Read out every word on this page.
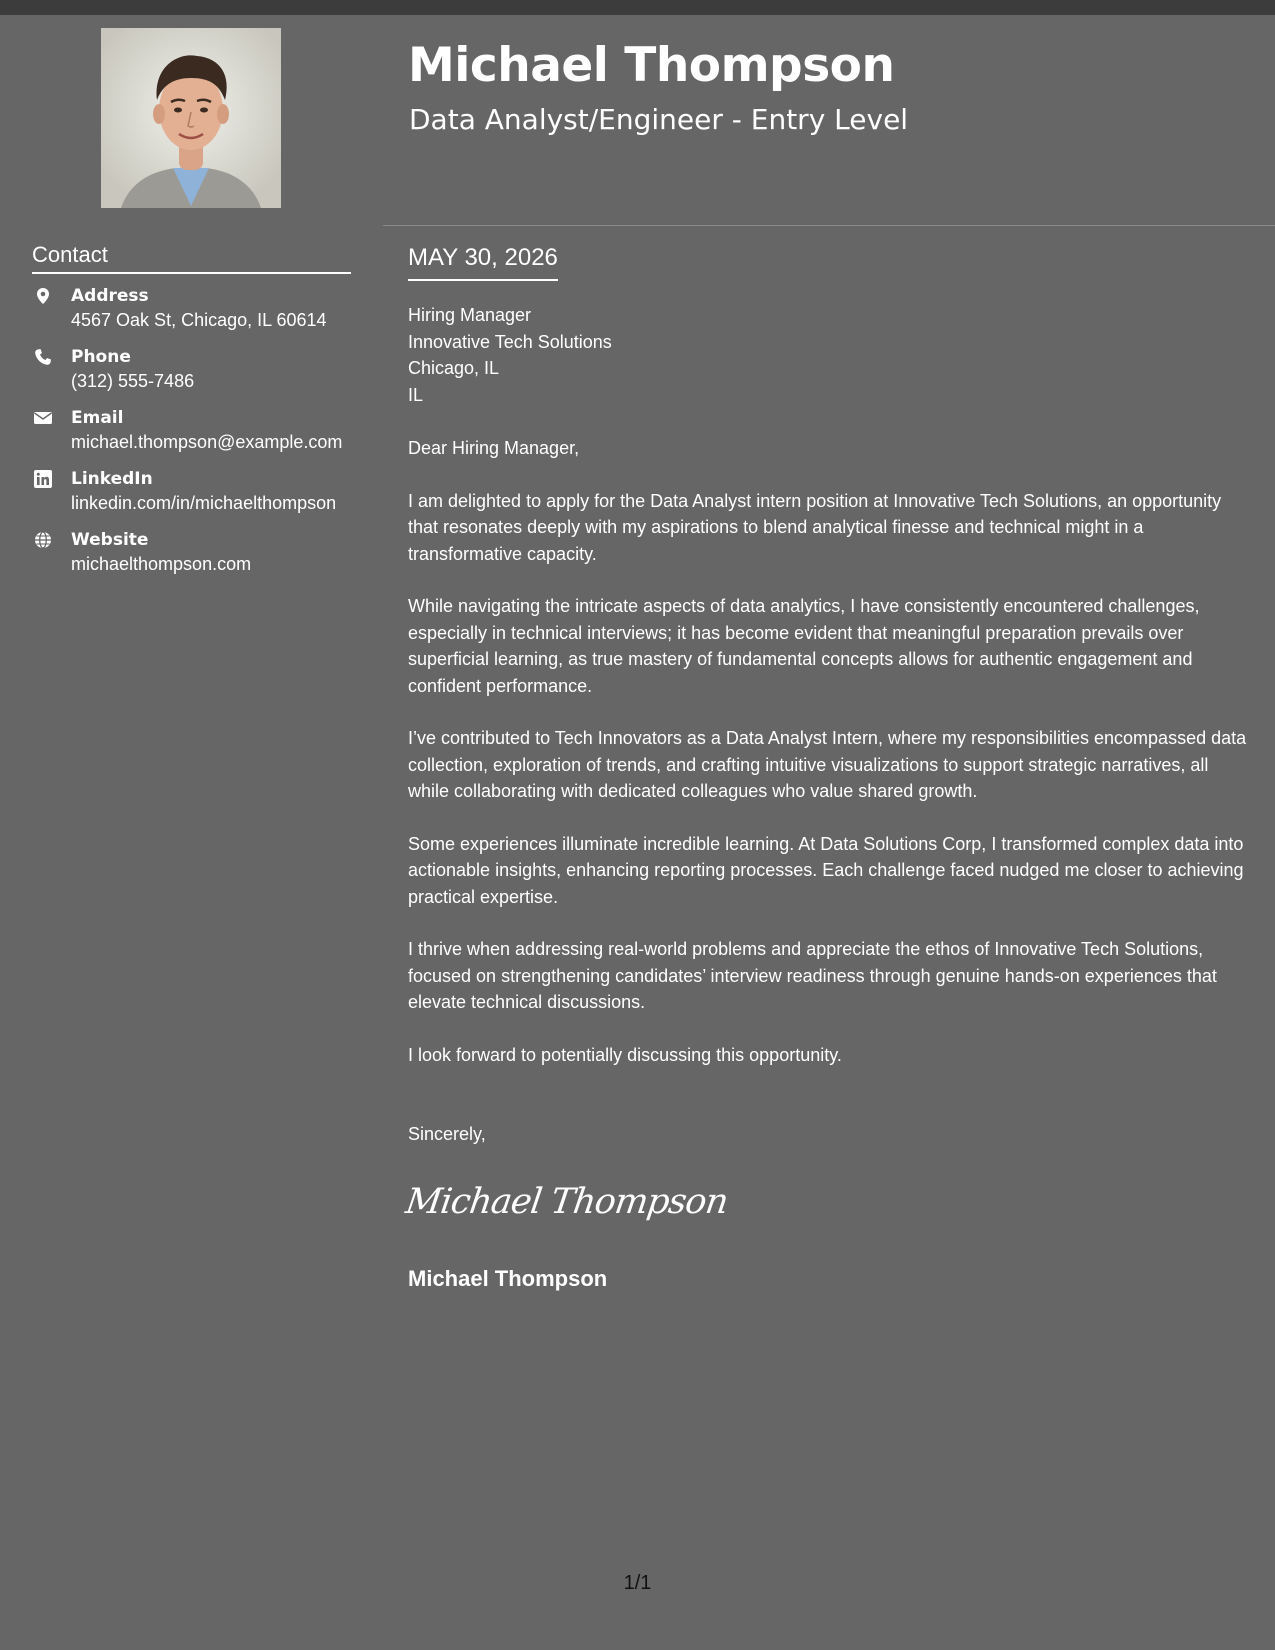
Michael Thompson
Data Analyst/Engineer - Entry Level
Contact
Address
4567 Oak St, Chicago, IL 60614
Phone
(312) 555-7486
Email
michael.thompson@example.com
LinkedIn
linkedin.com/in/michaelthompson
Website
michaelthompson.com
MAY 30, 2026
Hiring Manager
Innovative Tech Solutions
Chicago, IL
IL

Dear Hiring Manager,

I am delighted to apply for the Data Analyst intern position at Innovative Tech Solutions, an opportunity that resonates deeply with my aspirations to blend analytical finesse and technical might in a transformative capacity.

While navigating the intricate aspects of data analytics, I have consistently encountered challenges, especially in technical interviews; it has become evident that meaningful preparation prevails over superficial learning, as true mastery of fundamental concepts allows for authentic engagement and confident performance.

I’ve contributed to Tech Innovators as a Data Analyst Intern, where my responsibilities encompassed data collection, exploration of trends, and crafting intuitive visualizations to support strategic narratives, all while collaborating with dedicated colleagues who value shared growth.

Some experiences illuminate incredible learning. At Data Solutions Corp, I transformed complex data into actionable insights, enhancing reporting processes. Each challenge faced nudged me closer to achieving practical expertise.

I thrive when addressing real-world problems and appreciate the ethos of Innovative Tech Solutions, focused on strengthening candidates’ interview readiness through genuine hands-on experiences that elevate technical discussions.

I look forward to potentially discussing this opportunity.

Sincerely,
Michael Thompson
Michael Thompson
1/1
